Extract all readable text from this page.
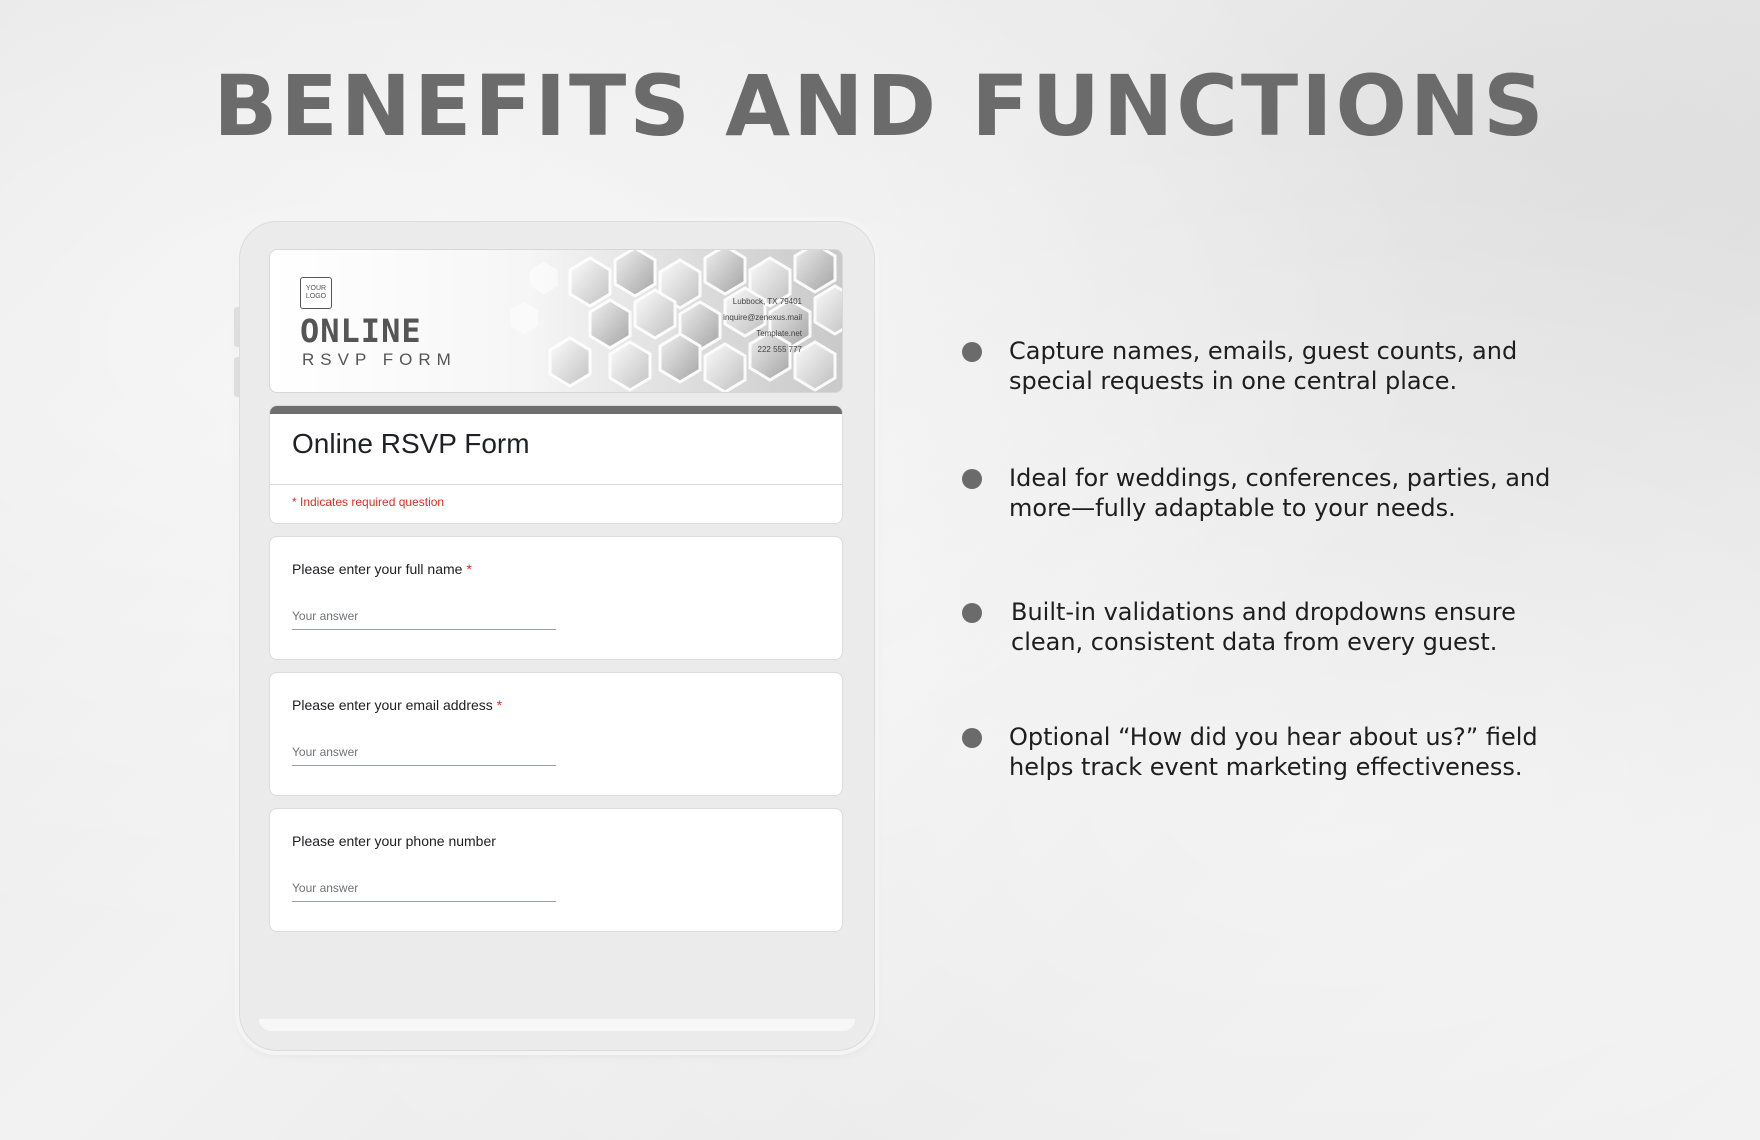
BENEFITS AND FUNCTIONS
YOUR LOGO
ONLINE
RSVP FORM
Lubbock, TX 79401
inquire@zenexus.mail
Template.net
222 555 777
Online RSVP Form
* Indicates required question
Please enter your full name *
Your answer
Please enter your email address *
Your answer
Please enter your phone number
Your answer
Capture names, emails, guest counts, and special requests in one central place.
Ideal for weddings, conferences, parties, and more—fully adaptable to your needs.
Built-in validations and dropdowns ensure clean, consistent data from every guest.
Optional “How did you hear about us?” field helps track event marketing effectiveness.
